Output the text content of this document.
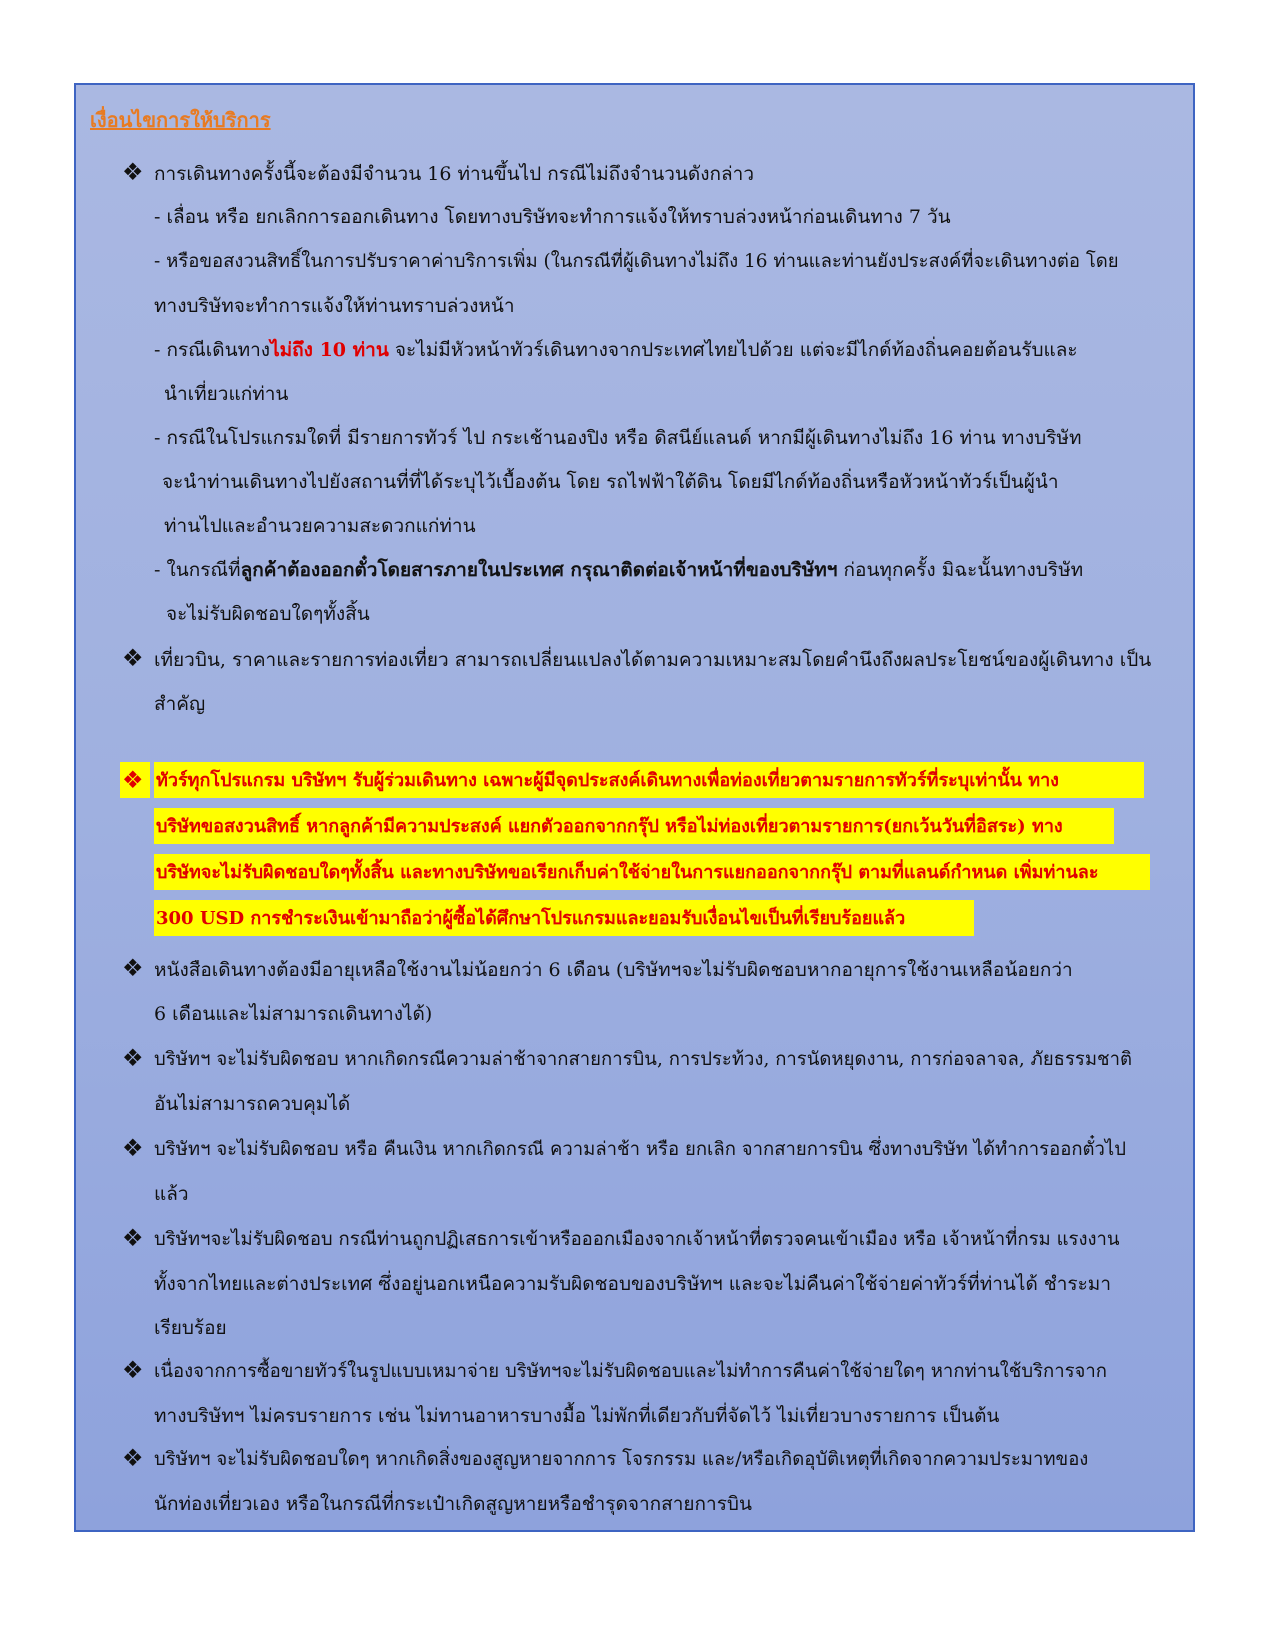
เงื่อนไขการให้บริการ
❖ การเดินทางครั้งนี้จะต้องมีจำนวน 16 ท่านขึ้นไป กรณีไม่ถึงจำนวนดังกล่าว
- เลื่อน หรือ ยกเลิกการออกเดินทาง โดยทางบริษัทจะทำการแจ้งให้ทราบล่วงหน้าก่อนเดินทาง 7 วัน
- หรือขอสงวนสิทธิ์ในการปรับราคาค่าบริการเพิ่ม (ในกรณีที่ผู้เดินทางไม่ถึง 16 ท่านและท่านยังประสงค์ที่จะเดินทางต่อ โดย
ทางบริษัทจะทำการแจ้งให้ท่านทราบล่วงหน้า
- กรณีเดินทางไม่ถึง 10 ท่าน จะไม่มีหัวหน้าทัวร์เดินทางจากประเทศไทยไปด้วย แต่จะมีไกด์ท้องถิ่นคอยต้อนรับและ
นำเที่ยวแก่ท่าน
- กรณีในโปรแกรมใดที่ มีรายการทัวร์ ไป กระเช้านองปิง หรือ ดิสนีย์แลนด์ หากมีผู้เดินทางไม่ถึง 16 ท่าน ทางบริษัท
จะนำท่านเดินทางไปยังสถานที่ที่ได้ระบุไว้เบื้องต้น โดย รถไฟฟ้าใต้ดิน โดยมีไกด์ท้องถิ่นหรือหัวหน้าทัวร์เป็นผู้นำ
ท่านไปและอำนวยความสะดวกแก่ท่าน
- ในกรณีที่ลูกค้าต้องออกตั๋วโดยสารภายในประเทศ กรุณาติดต่อเจ้าหน้าที่ของบริษัทฯ ก่อนทุกครั้ง มิฉะนั้นทางบริษัท
จะไม่รับผิดชอบใดๆทั้งสิ้น
❖ เที่ยวบิน, ราคาและรายการท่องเที่ยว สามารถเปลี่ยนแปลงได้ตามความเหมาะสมโดยคำนึงถึงผลประโยชน์ของผู้เดินทาง เป็น
สำคัญ
❖ ทัวร์ทุกโปรแกรม บริษัทฯ รับผู้ร่วมเดินทาง เฉพาะผู้มีจุดประสงค์เดินทางเพื่อท่องเที่ยวตามรายการทัวร์ที่ระบุเท่านั้น ทาง
บริษัทขอสงวนสิทธิ์ หากลูกค้ามีความประสงค์ แยกตัวออกจากกรุ๊ป หรือไม่ท่องเที่ยวตามรายการ(ยกเว้นวันที่อิสระ) ทาง
บริษัทจะไม่รับผิดชอบใดๆทั้งสิ้น และทางบริษัทขอเรียกเก็บค่าใช้จ่ายในการแยกออกจากกรุ๊ป ตามที่แลนด์กำหนด เพิ่มท่านละ
300 USD การชำระเงินเข้ามาถือว่าผู้ซื้อได้ศึกษาโปรแกรมและยอมรับเงื่อนไขเป็นที่เรียบร้อยแล้ว
❖ หนังสือเดินทางต้องมีอายุเหลือใช้งานไม่น้อยกว่า 6 เดือน (บริษัทฯจะไม่รับผิดชอบหากอายุการใช้งานเหลือน้อยกว่า
6 เดือนและไม่สามารถเดินทางได้)
❖ บริษัทฯ จะไม่รับผิดชอบ หากเกิดกรณีความล่าช้าจากสายการบิน, การประท้วง, การนัดหยุดงาน, การก่อจลาจล, ภัยธรรมชาติ
อันไม่สามารถควบคุมได้
❖ บริษัทฯ จะไม่รับผิดชอบ หรือ คืนเงิน หากเกิดกรณี ความล่าช้า หรือ ยกเลิก จากสายการบิน ซึ่งทางบริษัท ได้ทำการออกตั๋วไป
แล้ว
❖ บริษัทฯจะไม่รับผิดชอบ กรณีท่านถูกปฏิเสธการเข้าหรือออกเมืองจากเจ้าหน้าที่ตรวจคนเข้าเมือง หรือ เจ้าหน้าที่กรม แรงงาน
ทั้งจากไทยและต่างประเทศ ซึ่งอยู่นอกเหนือความรับผิดชอบของบริษัทฯ และจะไม่คืนค่าใช้จ่ายค่าทัวร์ที่ท่านได้ ชำระมา
เรียบร้อย
❖ เนื่องจากการซื้อขายทัวร์ในรูปแบบเหมาจ่าย บริษัทฯจะไม่รับผิดชอบและไม่ทำการคืนค่าใช้จ่ายใดๆ หากท่านใช้บริการจาก
ทางบริษัทฯ ไม่ครบรายการ เช่น ไม่ทานอาหารบางมื้อ ไม่พักที่เดียวกับที่จัดไว้ ไม่เที่ยวบางรายการ เป็นต้น
❖ บริษัทฯ จะไม่รับผิดชอบใดๆ หากเกิดสิ่งของสูญหายจากการ โจรกรรม และ/หรือเกิดอุบัติเหตุที่เกิดจากความประมาทของ
นักท่องเที่ยวเอง หรือในกรณีที่กระเป๋าเกิดสูญหายหรือชำรุดจากสายการบิน
